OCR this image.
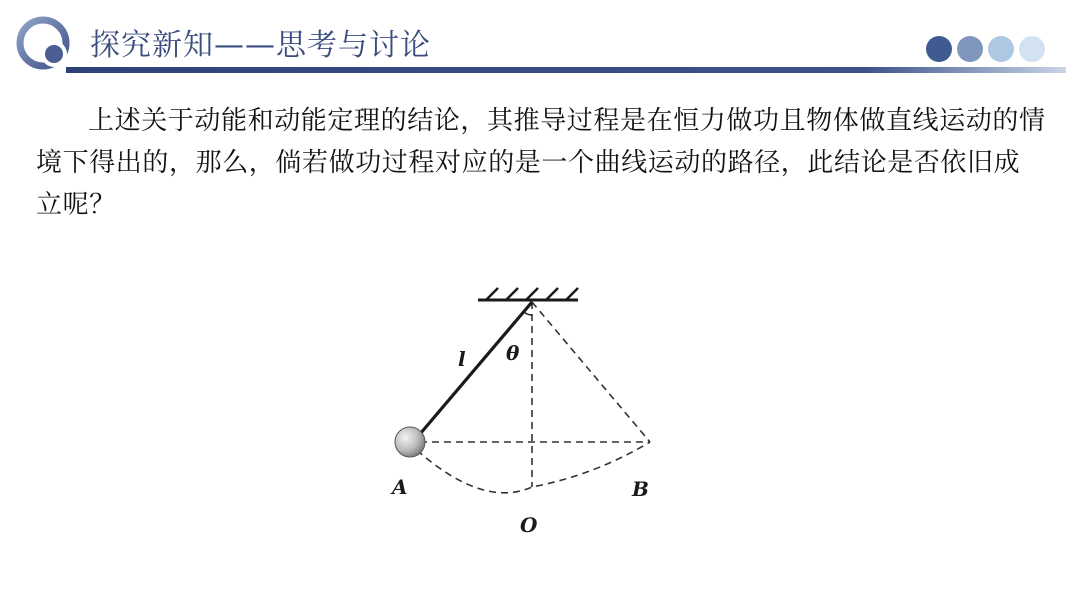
探究新知——思考与讨论

上述关于动能和动能定理的结论，其推导过程是在恒力做功且物体做直线运动的情境下得出的，那么，倘若做功过程对应的是一个曲线运动的路径，此结论是否依旧成立呢？

l θ
A	B
O
